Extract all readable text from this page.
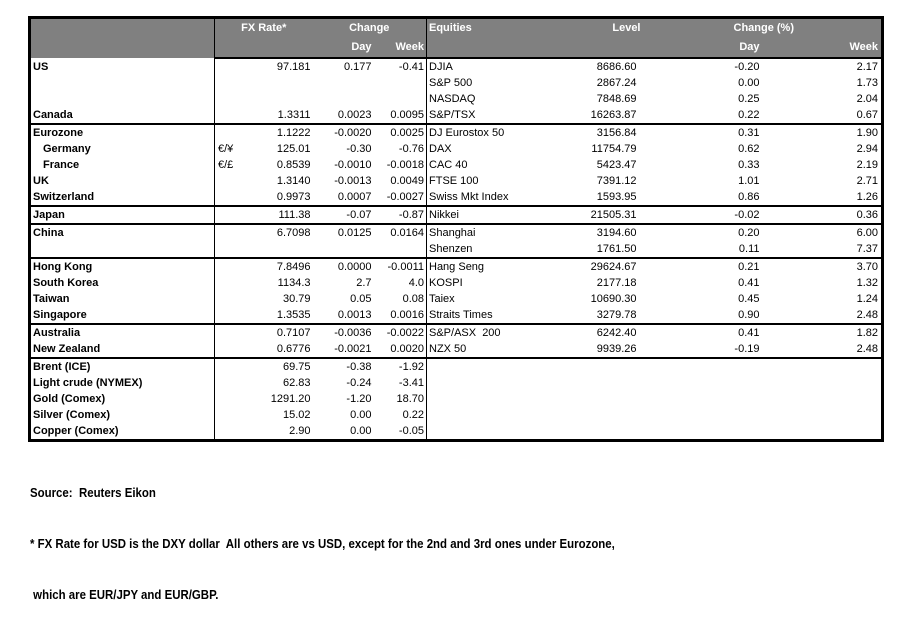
	FX Rate*		Change		Equities	Level	Change (%)	
			Day	Week			Day	Week
US		97.181	0.177	-0.41	DJIA	8686.60	-0.20	2.17
					S&P 500	2867.24	0.00	1.73
					NASDAQ	7848.69	0.25	2.04
Canada		1.3311	0.0023	0.0095	S&P/TSX	16263.87	0.22	0.67
Eurozone		1.1222	-0.0020	0.0025	DJ Eurostox 50	3156.84	0.31	1.90
Germany	€/¥	125.01	-0.30	-0.76	DAX	11754.79	0.62	2.94
France	€/£	0.8539	-0.0010	-0.0018	CAC 40	5423.47	0.33	2.19
UK		1.3140	-0.0013	0.0049	FTSE 100	7391.12	1.01	2.71
Switzerland		0.9973	0.0007	-0.0027	Swiss Mkt Index	1593.95	0.86	1.26
Japan		111.38	-0.07	-0.87	Nikkei	21505.31	-0.02	0.36
China		6.7098	0.0125	0.0164	Shanghai	3194.60	0.20	6.00
					Shenzen	1761.50	0.11	7.37
Hong Kong		7.8496	0.0000	-0.0011	Hang Seng	29624.67	0.21	3.70
South Korea		1134.3	2.7	4.0	KOSPI	2177.18	0.41	1.32
Taiwan		30.79	0.05	0.08	Taiex	10690.30	0.45	1.24
Singapore		1.3535	0.0013	0.0016	Straits Times	3279.78	0.90	2.48
Australia		0.7107	-0.0036	-0.0022	S&P/ASX  200	6242.40	0.41	1.82
New Zealand		0.6776	-0.0021	0.0020	NZX 50	9939.26	-0.19	2.48
Brent (ICE)		69.75	-0.38	-1.92				
Light crude (NYMEX)		62.83	-0.24	-3.41				
Gold (Comex)		1291.20	-1.20	18.70				
Silver (Comex)		15.02	0.00	0.22				
Copper (Comex)		2.90	0.00	-0.05				

Source:  Reuters Eikon

* FX Rate for USD is the DXY dollar  All others are vs USD, except for the 2nd and 3rd ones under Eurozone,

which are EUR/JPY and EUR/GBP.
